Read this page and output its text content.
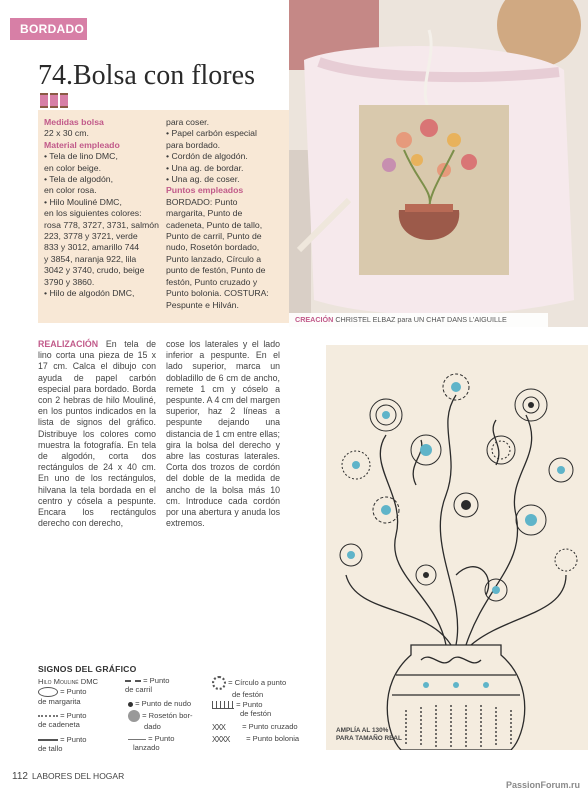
BORDADO
74.Bolsa con flores
Medidas bolsa
22 x 30 cm.
Material empleado
• Tela de lino DMC,
en color beige.
• Tela de algodón,
en color rosa.
• Hilo Mouliné DMC,
en los siguientes colores:
rosa 778, 3727, 3731, salmón
223, 3778 y 3721, verde
833 y 3012, amarillo 744
y 3854, naranja 922, lila
3042 y 3740, crudo, beige
3790 y 3860.
• Hilo de algodón DMC,
para coser.
• Papel carbón especial
para bordado.
• Cordón de algodón.
• Una ag. de bordar.
• Una ag. de coser.
Puntos empleados
BORDADO: Punto
margarita, Punto de
cadeneta, Punto de tallo,
Punto de carril, Punto de
nudo, Rosetón bordado,
Punto lanzado, Círculo a
punto de festón, Punto de
festón, Punto cruzado y
Punto bolonia. COSTURA:
Pespunte e Hilván.
CREACIÓN CHRISTEL ELBAZ para UN CHAT DANS L'AIGUILLE
REALIZACIÓN En tela de lino corta una pieza de 15 x 17 cm. Calca el dibujo con ayuda de papel carbón especial para bordado. Borda con 2 hebras de hilo Mouliné, en los puntos indicados en la lista de signos del gráfico. Distribuye los colores como muestra la fotografía. En tela de algodón, corta dos rectángulos de 24 x 40 cm. En uno de los rectángulos, hilvana la tela bordada en el centro y cósela a pespunte. Encara los rectángulos derecho con derecho,
cose los laterales y el lado inferior a pespunte. En el lado superior, marca un dobladillo de 6 cm de ancho, remete 1 cm y cóselo a pespunte. A 4 cm del margen superior, haz 2 líneas a pespunte dejando una distancia de 1 cm entre ellas; gira la bolsa del derecho y abre las costuras laterales. Corta dos trozos de cordón del doble de la medida de ancho de la bolsa más 10 cm. Introduce cada cordón por una abertura y anuda los extremos.
AMPLÍA AL 130%
PARA TAMAÑO REAL
SIGNOS DEL GRÁFICO
Hilo Mouliné DMC
= Punto
de margarita
= Punto
de cadeneta
= Punto
de tallo
= Punto
de carril
= Punto de nudo
= Rosetón bor-
dado
= Punto
lanzado
= Círculo a punto
de festón
= Punto
de festón
XXX = Punto cruzado
XXXX = Punto bolonia
112 LABORES DEL HOGAR
PassionForum.ru
